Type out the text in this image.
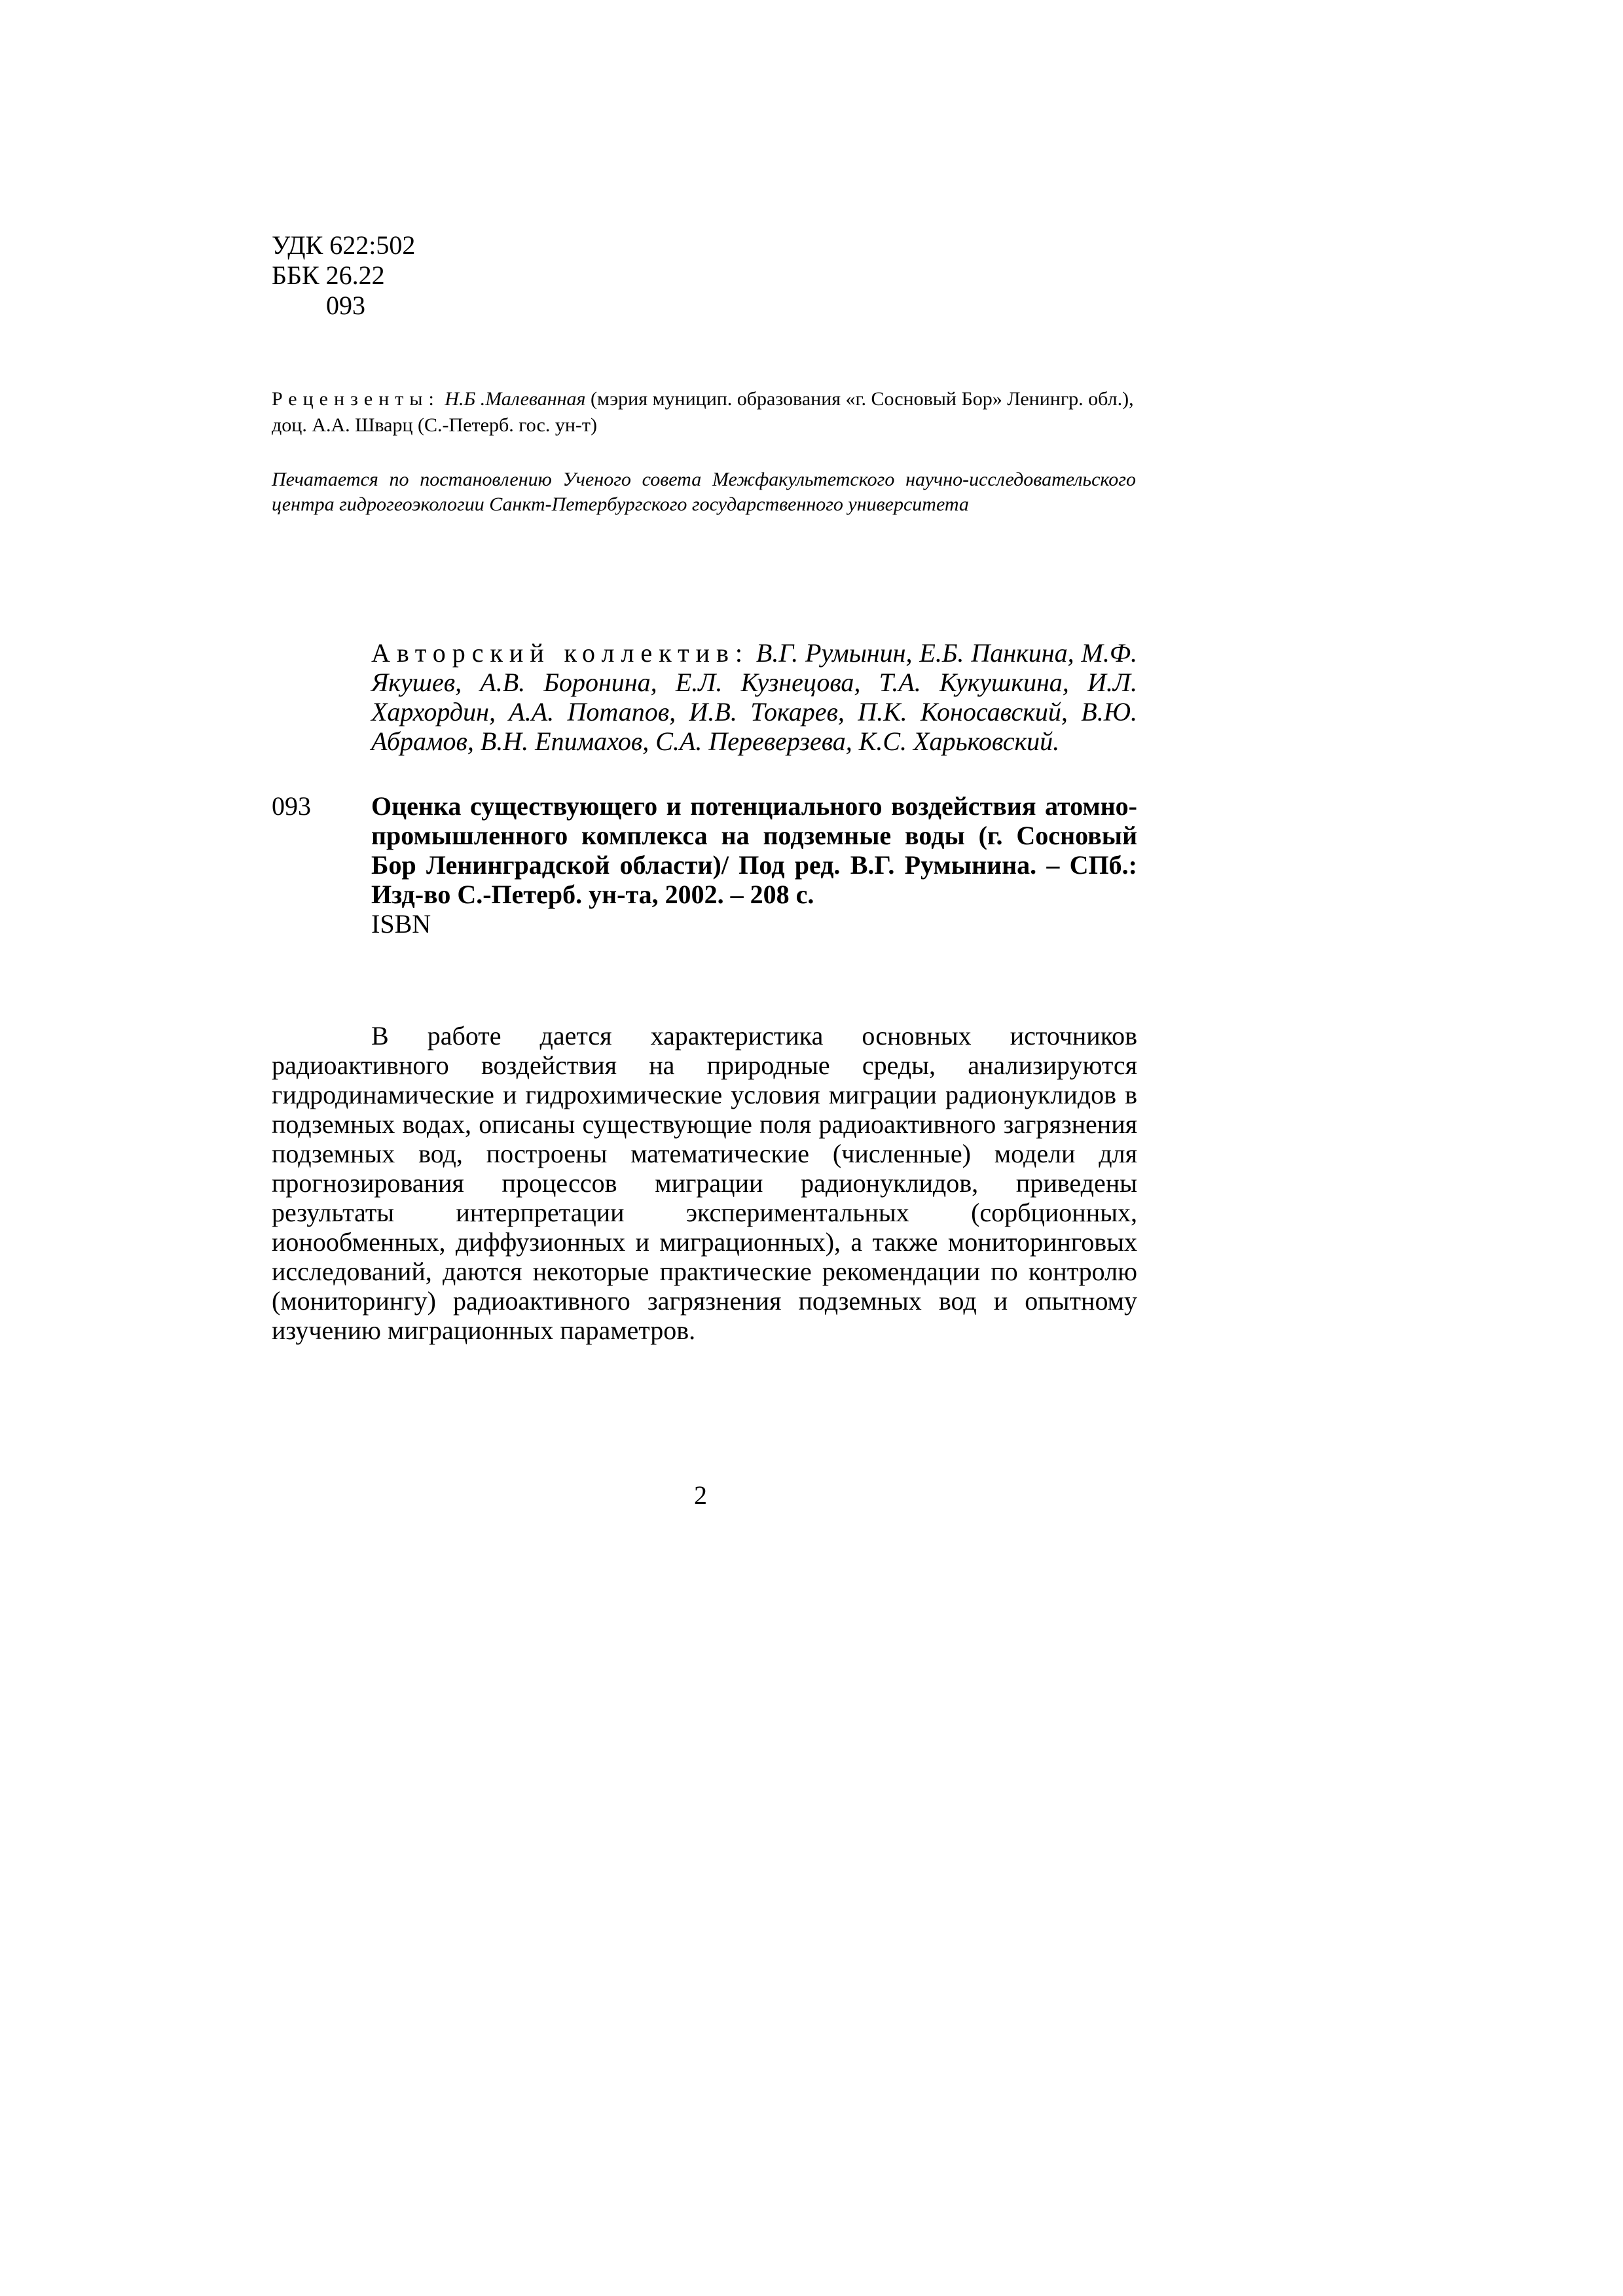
УДК 622:502
ББК 26.22
093
Рецензенты: Н.Б .Малеванная (мэрия муницип. образования «г. Сосновый Бор» Ленингр. обл.), доц. А.А. Шварц (С.-Петерб. гос. ун-т)
Печатается по постановлению Ученого совета Межфакультетского научно-исследовательского центра гидрогеоэкологии Санкт-Петербургского государственного университета
Авторский коллектив: В.Г. Румынин, Е.Б. Панкина, М.Ф. Якушев, А.В. Боронина, Е.Л. Кузнецова, Т.А. Кукушкина, И.Л. Хархордин, А.А. Потапов, И.В. Токарев, П.К. Коносавский, В.Ю. Абрамов, В.Н. Епимахов, С.А. Переверзева, К.С. Харьковский.
093 Оценка существующего и потенциального воздействия атомно-промышленного комплекса на подземные воды (г. Сосновый Бор Ленинградской области)/ Под ред. В.Г. Румынина. – СПб.: Изд-во С.-Петерб. ун-та, 2002. – 208 с.
ISBN
В работе дается характеристика основных источников радиоактивного воздействия на природные среды, анализируются гидродинамические и гидрохимические условия миграции радионуклидов в подземных водах, описаны существующие поля радиоактивного загрязнения подземных вод, построены математические (численные) модели для прогнозирования процессов миграции радионуклидов, приведены результаты интерпретации экспериментальных (сорбционных, ионообменных, диффузионных и миграционных), а также мониторинговых исследований, даются некоторые практические рекомендации по контролю (мониторингу) радиоактивного загрязнения подземных вод и опытному изучению миграционных параметров.
2
